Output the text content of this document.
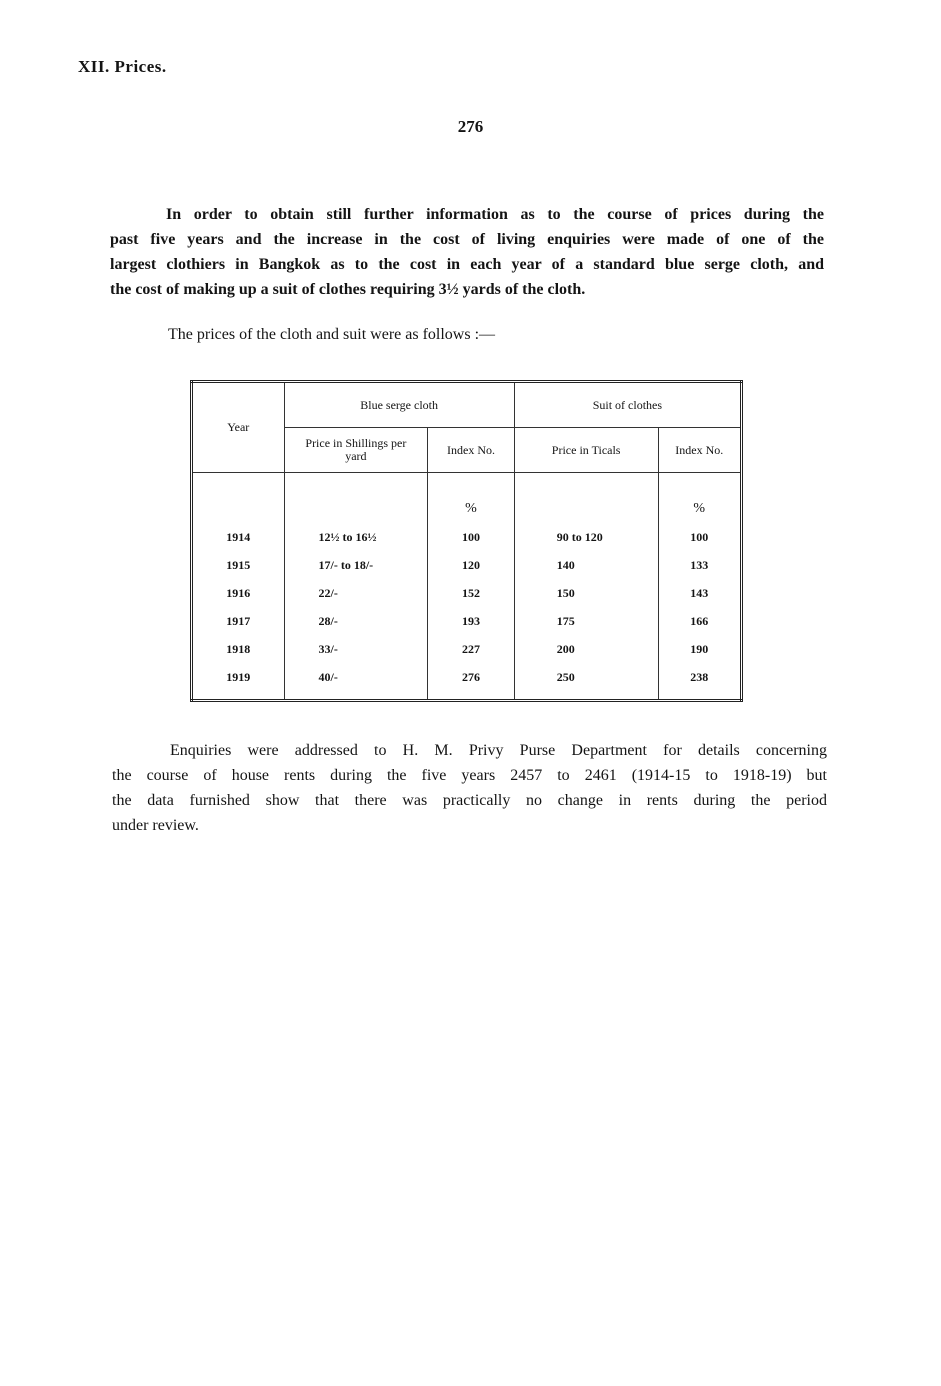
XII. Prices.
276
In order to obtain still further information as to the course of prices during the
past five years and the increase in the cost of living enquiries were made of one of the
largest clothiers in Bangkok as to the cost in each year of a standard blue serge cloth, and
the cost of making up a suit of clothes requiring 3½ yards of the cloth.

The prices of the cloth and suit were as follows :—

Year	Blue serge cloth		Suit of clothes	
	Price in Shillings per yard	Index No.	Price in Ticals	Index No.

		%		%
1914	12½ to 16½	100	90 to 120	100
1915	17/- to 18/-	120	140	133
1916	22/-	152	150	143
1917	28/-	193	175	166
1918	33/-	227	200	190
1919	40/-	276	250	238

Enquiries were addressed to H. M. Privy Purse Department for details concerning
the course of house rents during the five years 2457 to 2461 (1914-15 to 1918-19) but
the data furnished show that there was practically no change in rents during the period
under review.
